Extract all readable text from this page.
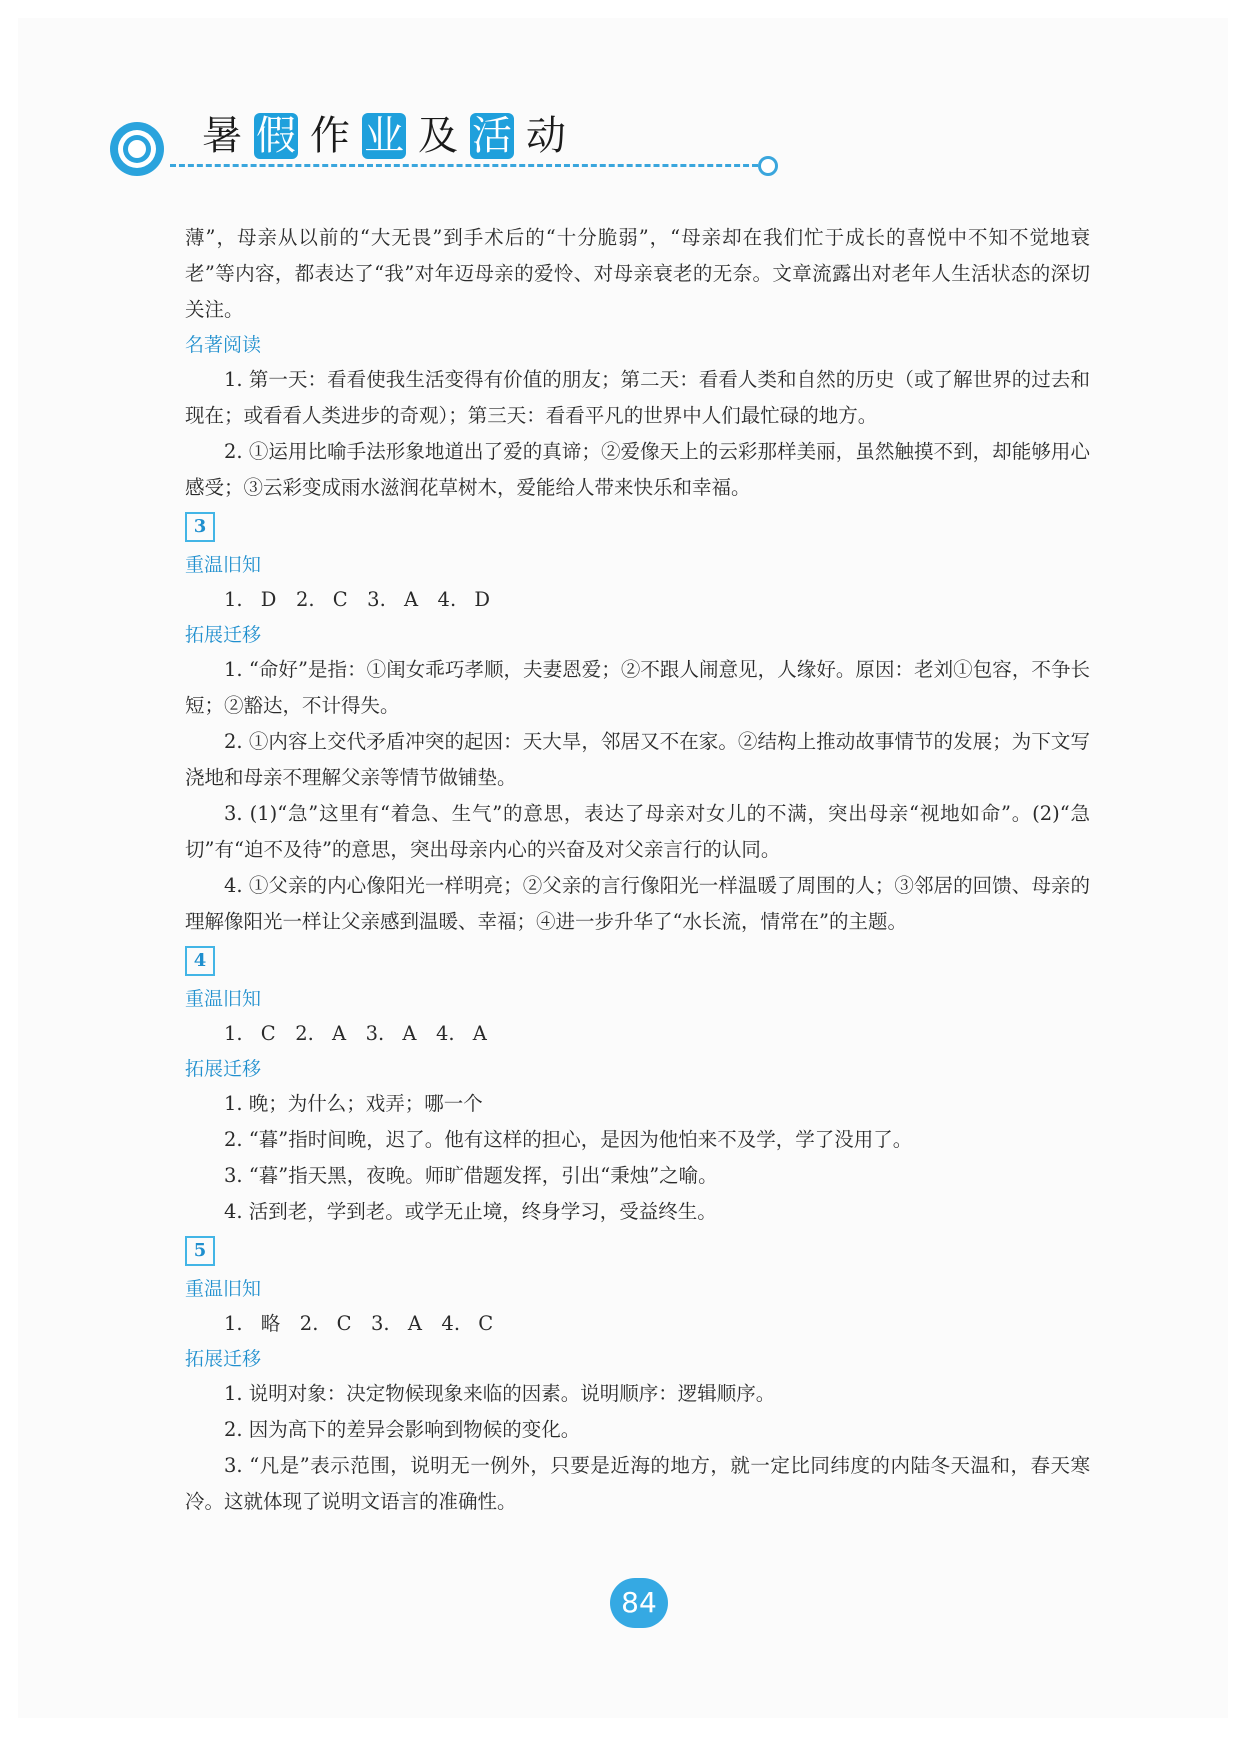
暑 假 作 业 及 活 动

薄”，母亲从以前的“大无畏”到手术后的“十分脆弱”，“母亲却在我们忙于成长的喜悦中不知不觉地衰老”等内容，都表达了“我”对年迈母亲的爱怜、对母亲衰老的无奈。文章流露出对老年人生活状态的深切关注。

名著阅读

1. 第一天：看看使我生活变得有价值的朋友；第二天：看看人类和自然的历史（或了解世界的过去和现在；或看看人类进步的奇观）；第三天：看看平凡的世界中人们最忙碌的地方。

2. ①运用比喻手法形象地道出了爱的真谛；②爱像天上的云彩那样美丽，虽然触摸不到，却能够用心感受；③云彩变成雨水滋润花草树木，爱能给人带来快乐和幸福。

3

重温旧知

1. D　2. C　3. A　4. D

拓展迁移

1. “命好”是指：①闺女乖巧孝顺，夫妻恩爱；②不跟人闹意见，人缘好。原因：老刘①包容，不争长短；②豁达，不计得失。

2. ①内容上交代矛盾冲突的起因：天大旱，邻居又不在家。②结构上推动故事情节的发展；为下文写浇地和母亲不理解父亲等情节做铺垫。

3. (1)“急”这里有“着急、生气”的意思，表达了母亲对女儿的不满，突出母亲“视地如命”。(2)“急切”有“迫不及待”的意思，突出母亲内心的兴奋及对父亲言行的认同。

4. ①父亲的内心像阳光一样明亮；②父亲的言行像阳光一样温暖了周围的人；③邻居的回馈、母亲的理解像阳光一样让父亲感到温暖、幸福；④进一步升华了“水长流，情常在”的主题。

4

重温旧知

1. C　2. A　3. A　4. A

拓展迁移

1. 晚；为什么；戏弄；哪一个

2. “暮”指时间晚，迟了。他有这样的担心，是因为他怕来不及学，学了没用了。

3. “暮”指天黑，夜晚。师旷借题发挥，引出“秉烛”之喻。

4. 活到老，学到老。或学无止境，终身学习，受益终生。

5

重温旧知

1. 略　2. C　3. A　4. C

拓展迁移

1. 说明对象：决定物候现象来临的因素。说明顺序：逻辑顺序。

2. 因为高下的差异会影响到物候的变化。

3. “凡是”表示范围，说明无一例外，只要是近海的地方，就一定比同纬度的内陆冬天温和，春天寒冷。这就体现了说明文语言的准确性。

84
